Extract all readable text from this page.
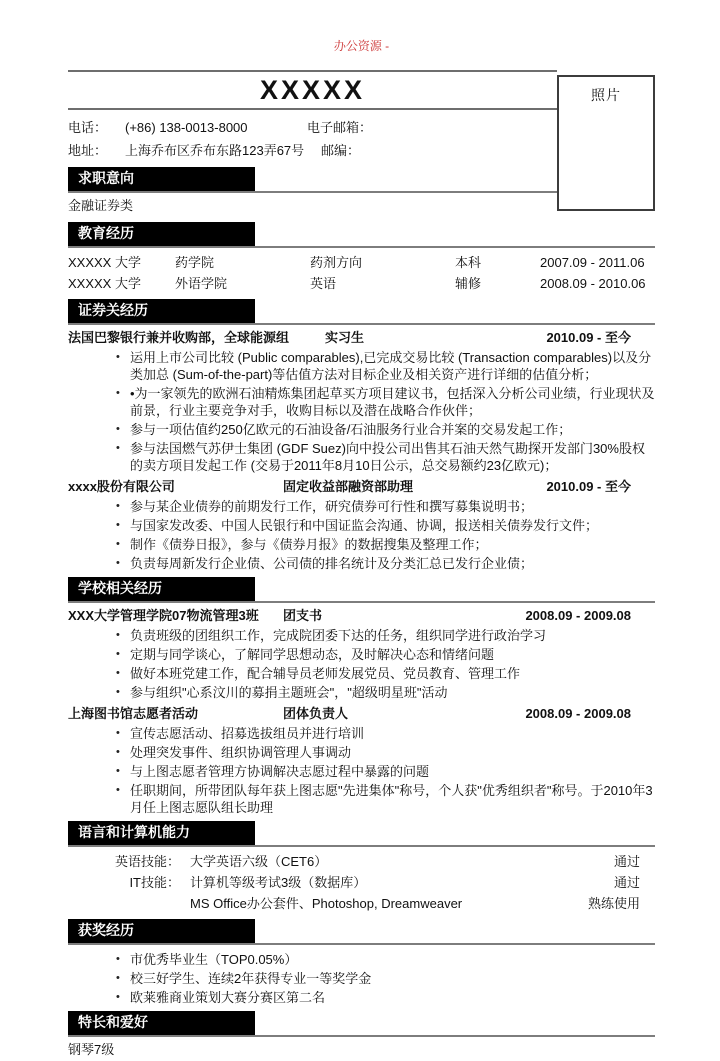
办公资源 -
照片
XXXXX
电话：	(+86) 138-0013-8000	电子邮箱：
地址：	上海乔布区乔布东路123弄67号	邮编：
求职意向
金融证券类
教育经历
XXXXX 大学	药学院	药剂方向	本科	2007.09 - 2011.06
XXXXX 大学	外语学院	英语	辅修	2008.09 - 2010.06
证券关经历
法国巴黎银行兼并收购部，全球能源组	实习生	2010.09 - 至今
• 运用上市公司比较 (Public comparables),已完成交易比较 (Transaction comparables)以及分类加总 (Sum-of-the-part)等估值方法对目标企业及相关资产进行详细的估值分析；
• •为一家领先的欧洲石油精炼集团起草买方项目建议书，包括深入分析公司业绩，行业现状及前景，行业主要竞争对手，收购目标以及潜在战略合作伙伴；
• 参与一项估值约250亿欧元的石油设备/石油服务行业合并案的交易发起工作；
• 参与法国燃气苏伊士集团 (GDF Suez)向中投公司出售其石油天然气勘探开发部门30%股权的卖方项目发起工作 (交易于2011年8月10日公示，总交易额约23亿欧元)；
xxxx股份有限公司	固定收益部融资部助理	2010.09 - 至今
• 参与某企业债券的前期发行工作，研究债券可行性和撰写募集说明书；
• 与国家发改委、中国人民银行和中国证监会沟通、协调，报送相关债券发行文件；
• 制作《债券日报》，参与《债券月报》的数据搜集及整理工作；
• 负责每周新发行企业债、公司债的排名统计及分类汇总已发行企业债；
学校相关经历
XXX大学管理学院07物流管理3班	团支书	2008.09 - 2009.08
• 负责班级的团组织工作，完成院团委下达的任务，组织同学进行政治学习
• 定期与同学谈心，了解同学思想动态，及时解决心态和情绪问题
• 做好本班党建工作，配合辅导员老师发展党员、党员教育、管理工作
• 参与组织"心系汶川的募捐主题班会"，"超级明星班"活动
上海图书馆志愿者活动	团体负责人	2008.09 - 2009.08
• 宣传志愿活动、招募选拔组员并进行培训
• 处理突发事件、组织协调管理人事调动
• 与上图志愿者管理方协调解决志愿过程中暴露的问题
• 任职期间，所带团队每年获上图志愿"先进集体"称号，个人获"优秀组织者"称号。于2010年3月任上图志愿队组长助理
语言和计算机能力
英语技能： 大学英语六级（CET6）	通过
IT技能： 计算机等级考试3级（数据库）	通过
MS Office办公套件、Photoshop, Dreamweaver	熟练使用
获奖经历
• 市优秀毕业生（TOP0.05%）
• 校三好学生、连续2年获得专业一等奖学金
• 欧莱雅商业策划大赛分赛区第二名
特长和爱好
钢琴7级
